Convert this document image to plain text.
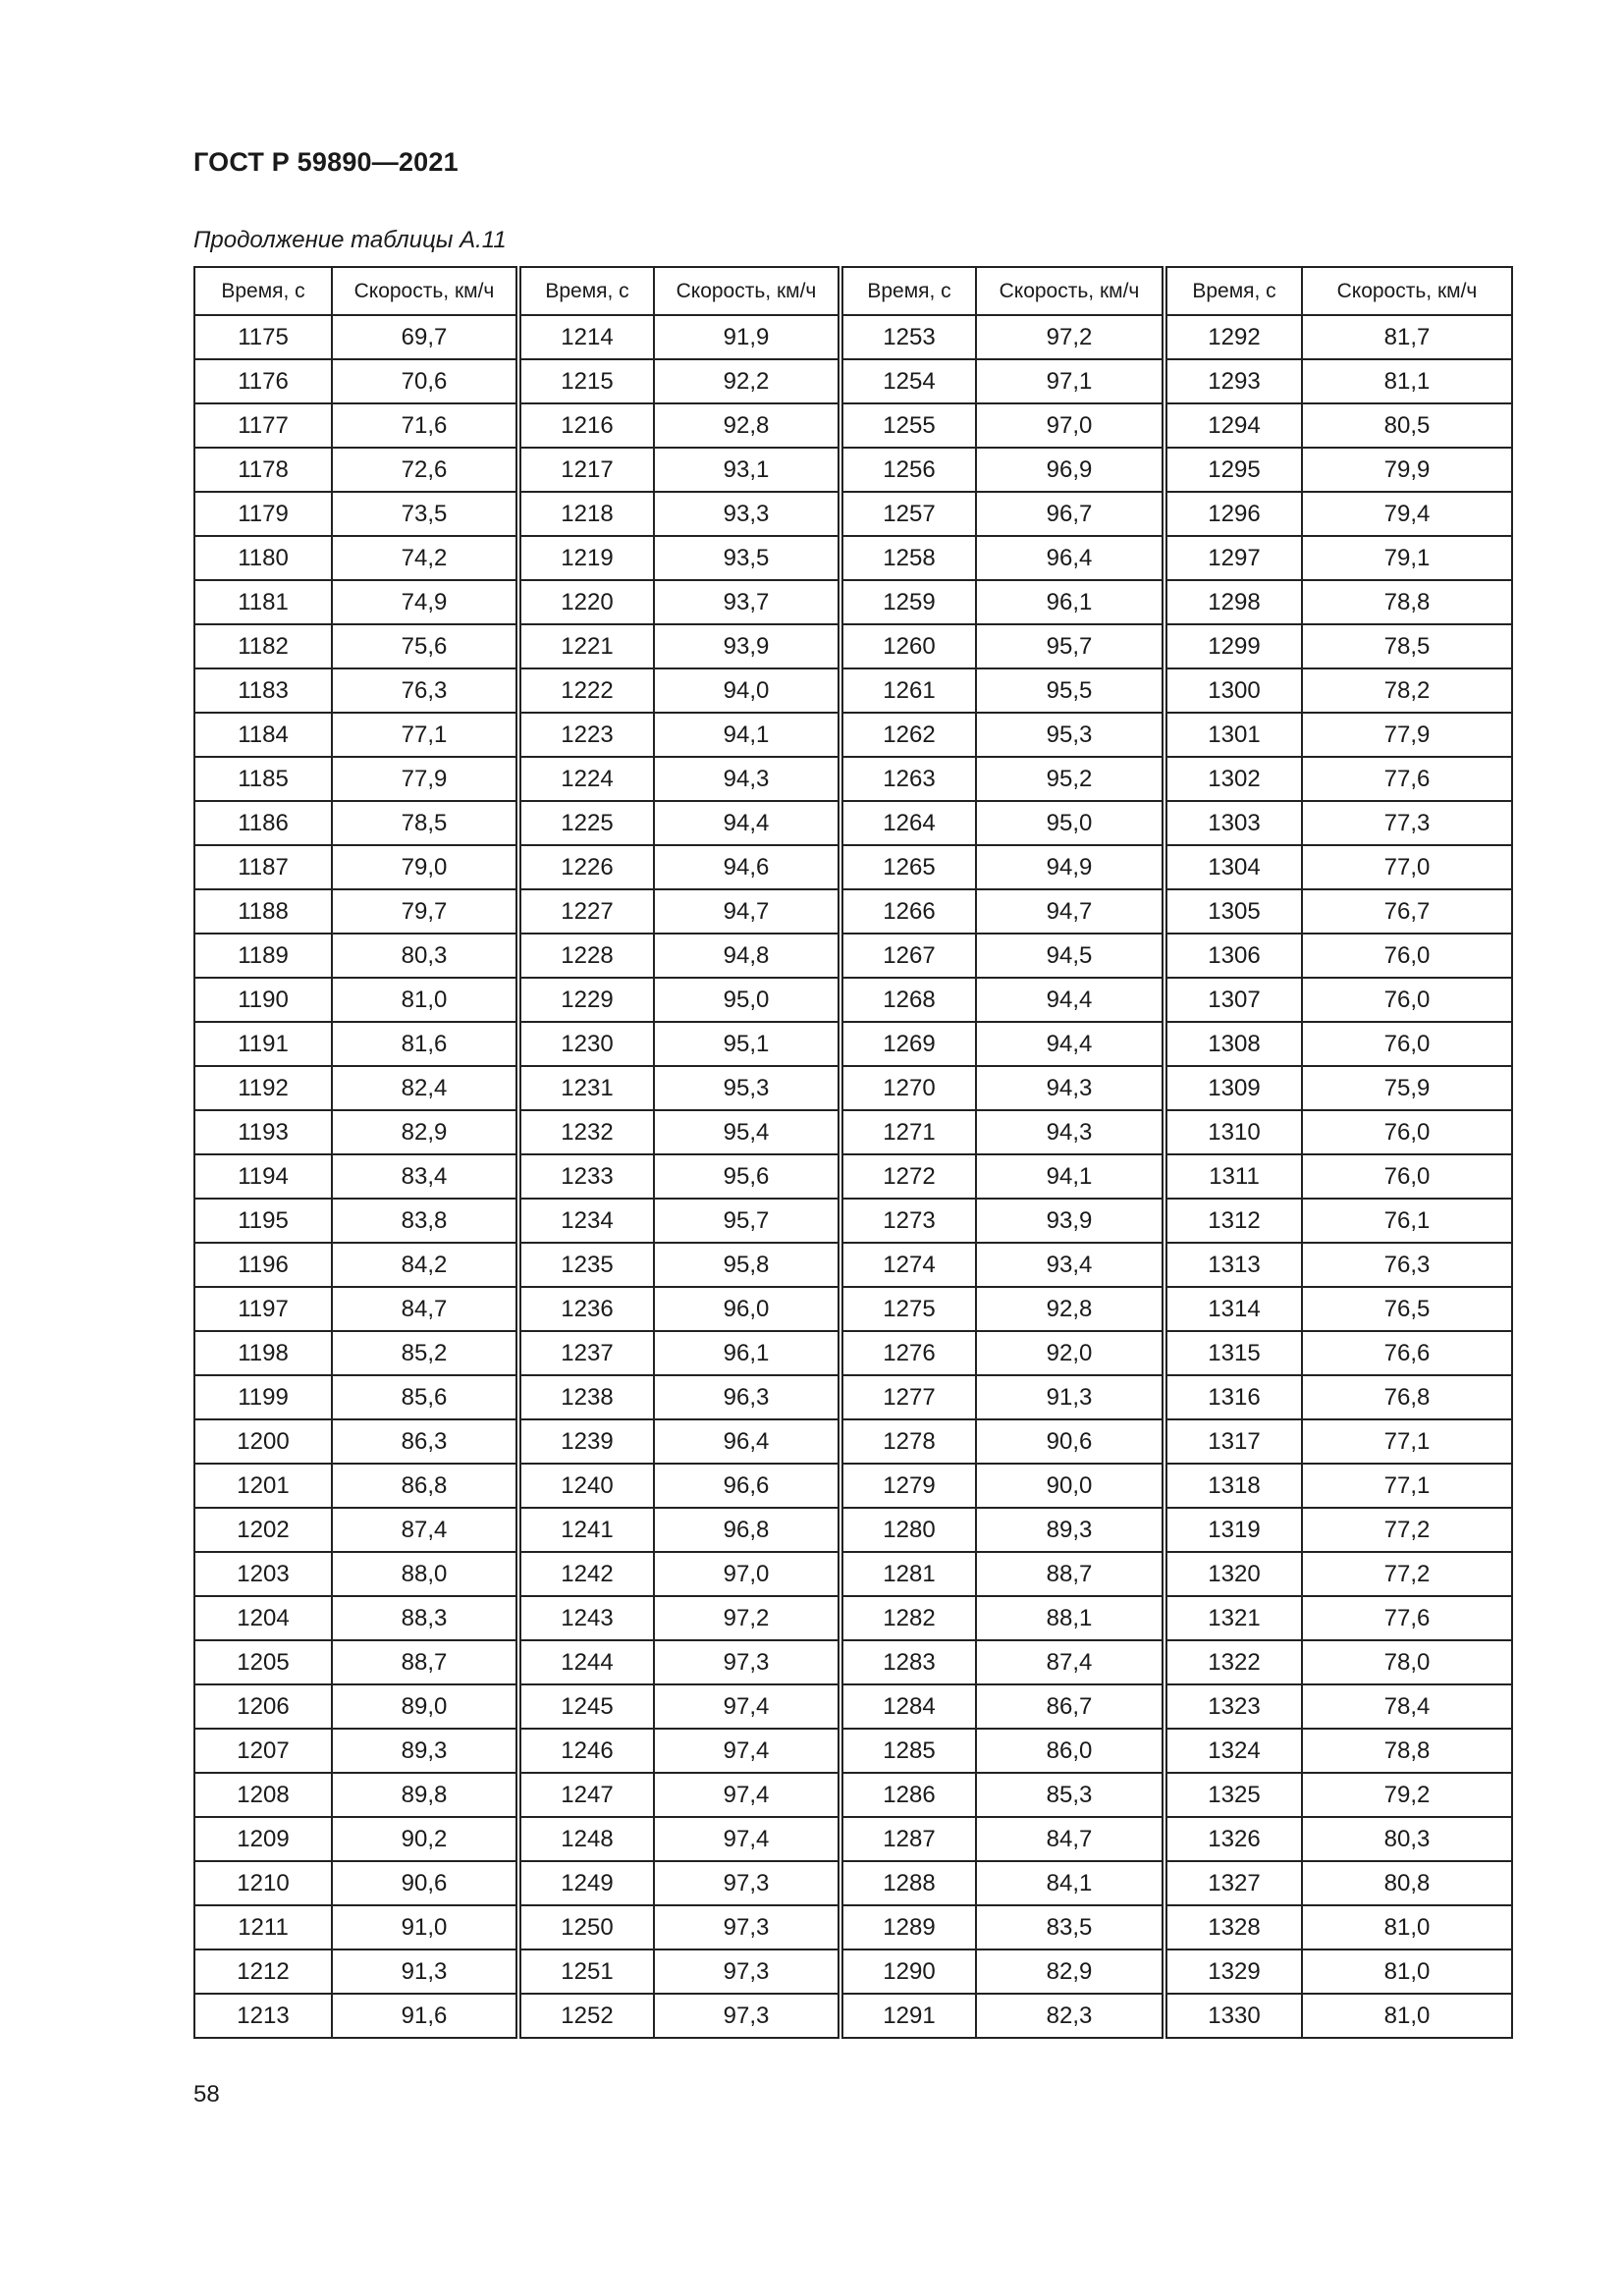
ГОСТ Р 59890—2021
Продолжение таблицы А.11
Время, с	Скорость, км/ч	Время, с	Скорость, км/ч	Время, с	Скорость, км/ч	Время, с	Скорость, км/ч
1175	69,7	1214	91,9	1253	97,2	1292	81,7
1176	70,6	1215	92,2	1254	97,1	1293	81,1
1177	71,6	1216	92,8	1255	97,0	1294	80,5
1178	72,6	1217	93,1	1256	96,9	1295	79,9
1179	73,5	1218	93,3	1257	96,7	1296	79,4
1180	74,2	1219	93,5	1258	96,4	1297	79,1
1181	74,9	1220	93,7	1259	96,1	1298	78,8
1182	75,6	1221	93,9	1260	95,7	1299	78,5
1183	76,3	1222	94,0	1261	95,5	1300	78,2
1184	77,1	1223	94,1	1262	95,3	1301	77,9
1185	77,9	1224	94,3	1263	95,2	1302	77,6
1186	78,5	1225	94,4	1264	95,0	1303	77,3
1187	79,0	1226	94,6	1265	94,9	1304	77,0
1188	79,7	1227	94,7	1266	94,7	1305	76,7
1189	80,3	1228	94,8	1267	94,5	1306	76,0
1190	81,0	1229	95,0	1268	94,4	1307	76,0
1191	81,6	1230	95,1	1269	94,4	1308	76,0
1192	82,4	1231	95,3	1270	94,3	1309	75,9
1193	82,9	1232	95,4	1271	94,3	1310	76,0
1194	83,4	1233	95,6	1272	94,1	1311	76,0
1195	83,8	1234	95,7	1273	93,9	1312	76,1
1196	84,2	1235	95,8	1274	93,4	1313	76,3
1197	84,7	1236	96,0	1275	92,8	1314	76,5
1198	85,2	1237	96,1	1276	92,0	1315	76,6
1199	85,6	1238	96,3	1277	91,3	1316	76,8
1200	86,3	1239	96,4	1278	90,6	1317	77,1
1201	86,8	1240	96,6	1279	90,0	1318	77,1
1202	87,4	1241	96,8	1280	89,3	1319	77,2
1203	88,0	1242	97,0	1281	88,7	1320	77,2
1204	88,3	1243	97,2	1282	88,1	1321	77,6
1205	88,7	1244	97,3	1283	87,4	1322	78,0
1206	89,0	1245	97,4	1284	86,7	1323	78,4
1207	89,3	1246	97,4	1285	86,0	1324	78,8
1208	89,8	1247	97,4	1286	85,3	1325	79,2
1209	90,2	1248	97,4	1287	84,7	1326	80,3
1210	90,6	1249	97,3	1288	84,1	1327	80,8
1211	91,0	1250	97,3	1289	83,5	1328	81,0
1212	91,3	1251	97,3	1290	82,9	1329	81,0
1213	91,6	1252	97,3	1291	82,3	1330	81,0
58
